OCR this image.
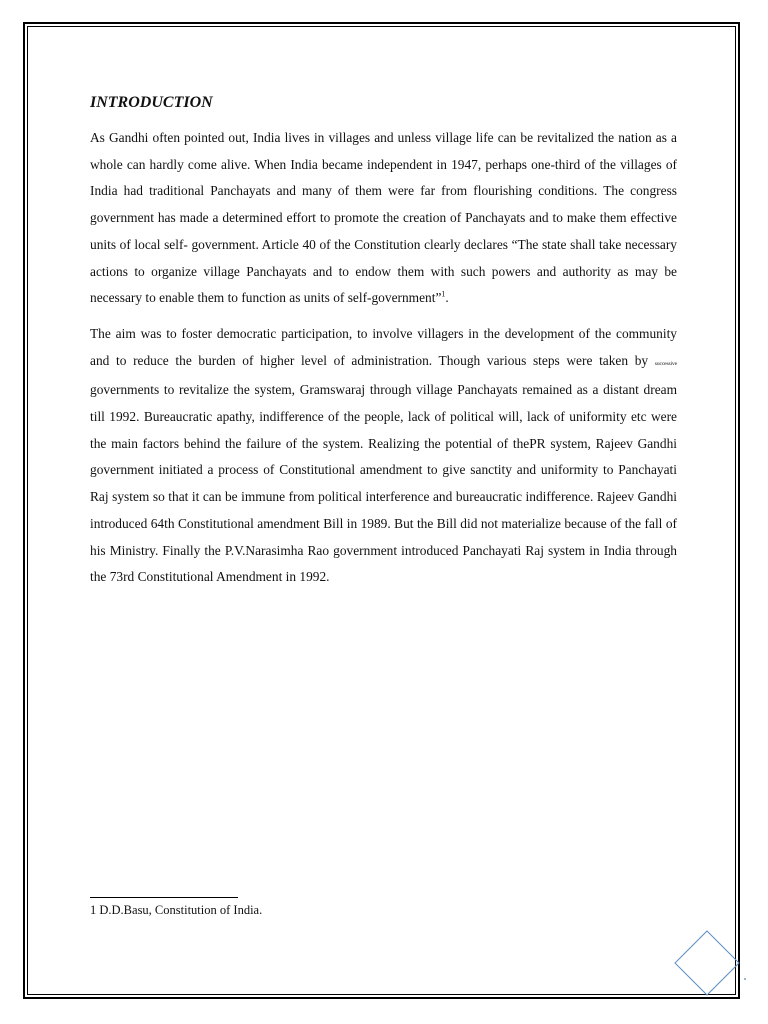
INTRODUCTION

As Gandhi often pointed out, India lives in villages and unless village life can be revitalized the nation as a whole can hardly come alive. When India became independent in 1947, perhaps one-third of the villages of India had traditional Panchayats and many of them were far from flourishing conditions. The congress government has made a determined effort to promote the creation of Panchayats and to make them effective units of local self- government. Article 40 of the Constitution clearly declares “The state shall take necessary actions to organize village Panchayats and to endow them with such powers and authority as may be necessary to enable them to function as units of self-government”$^1$.

The aim was to foster democratic participation, to involve villagers in the development of the community and to reduce the burden of higher level of administration. Though various steps were taken by successive governments to revitalize the system, Gramswaraj through village Panchayats remained as a distant dream till 1992. Bureaucratic apathy, indifference of the people, lack of political will, lack of uniformity etc were the main factors behind the failure of the system. Realizing the potential of thePR system, Rajeev Gandhi government initiated a process of Constitutional amendment to give sanctity and uniformity to Panchayati Raj system so that it can be immune from political interference and bureaucratic indifference. Rajeev Gandhi introduced 64th Constitutional amendment Bill in 1989. But the Bill did not materialize because of the fall of his Ministry. Finally the P.V.Narasimha Rao government introduced Panchayati Raj system in India through the 73rd Constitutional Amendment in 1992.

1 D.D.Basu, Constitution of India.
